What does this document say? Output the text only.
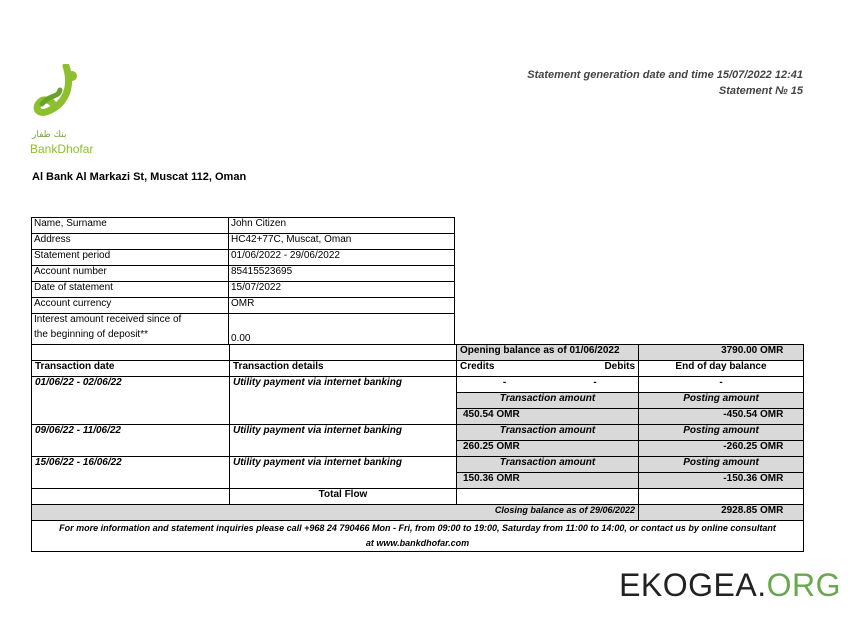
بنك ظفار
BankDhofar
Statement generation date and time 15/07/2022 12:41
Statement № 15
Al Bank Al Markazi St, Muscat 112, Oman
Name, Surname	John Citizen
Address	HC42+77C, Muscat, Oman
Statement period	01/06/2022 - 29/06/2022
Account number	85415523695
Date of statement	15/07/2022
Account currency	OMR
Interest amount received since of	
the beginning of deposit**	0.00
		Opening balance as of 01/06/2022		3790.00 OMR
Transaction date	Transaction details	Credits	Debits	End of day balance
01/06/22 - 02/06/22	Utility payment via internet banking	-	-	-
		Transaction amount		Posting amount
		450.54 OMR		-450.54 OMR
09/06/22 - 11/06/22	Utility payment via internet banking	Transaction amount		Posting amount
		260.25 OMR		-260.25 OMR
15/06/22 - 16/06/22	Utility payment via internet banking	Transaction amount		Posting amount
		150.36 OMR		-150.36 OMR
	Total Flow			
Closing balance as of 29/06/2022				2928.85 OMR

For more information and statement inquiries please call +968 24 790466 Mon - Fri, from 09:00 to 19:00, Saturday from 11:00 to 14:00, or contact us by online consultant
at www.bankdhofar.com				
EKOGEA.ORG
